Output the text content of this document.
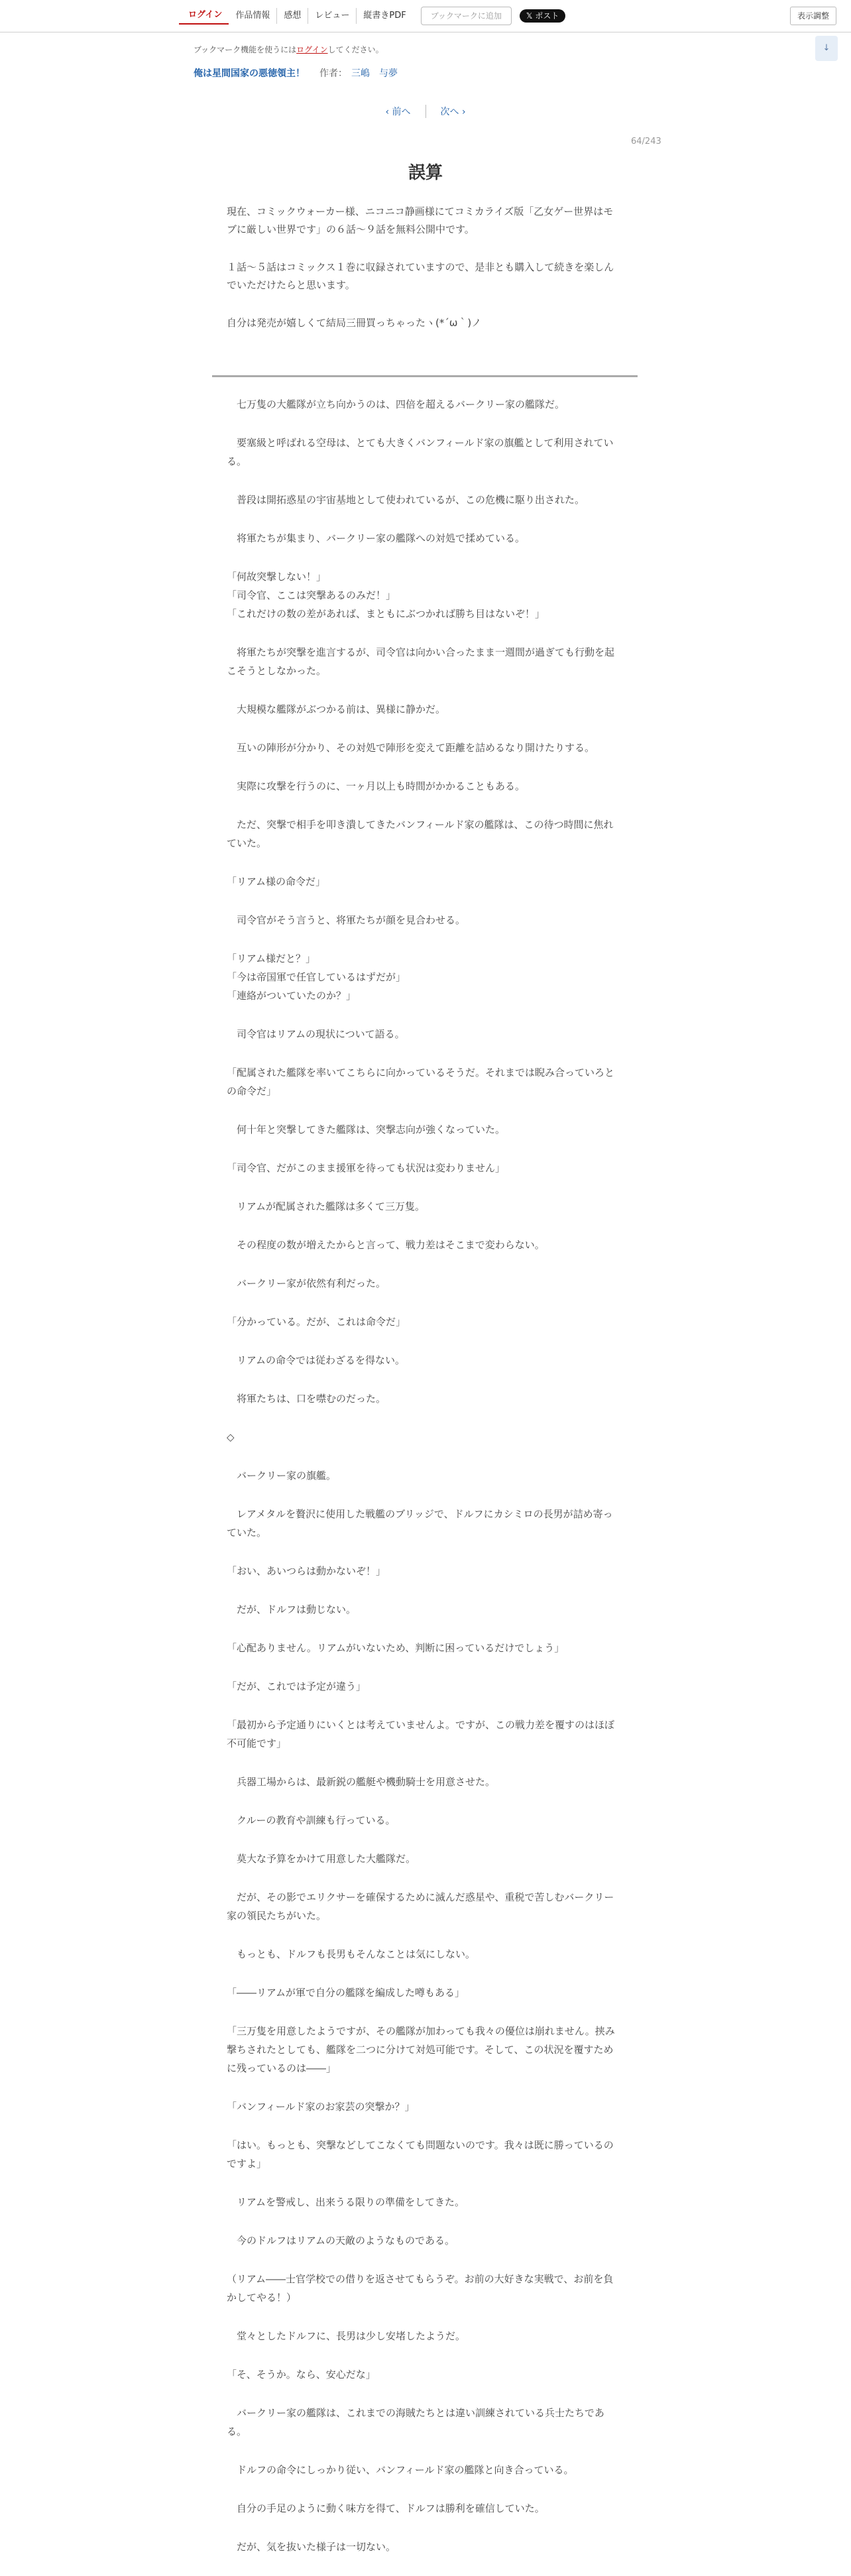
ログイン	作品情報	感想	レビュー	縦書きPDF	ブックマークに追加	𝕏 ポスト	表示調整
ブックマーク機能を使うにはログインしてください。	↓
俺は星間国家の悪徳領主！ 作者： 三嶋　与夢
‹ 前へ	次へ ›
64/243
誤算

現在、コミックウォーカー様、ニコニコ静画様にてコミカライズ版「乙女ゲー世界はモブに厳しい世界です」の６話～９話を無料公開中です。

１話～５話はコミックス１巻に収録されていますので、是非とも購入して続きを楽しんでいただけたらと思います。

自分は発売が嬉しくて結局三冊買っちゃったヽ(*´ω｀)ノ

　七万隻の大艦隊が立ち向かうのは、四倍を超えるバークリー家の艦隊だ。

　要塞級と呼ばれる空母は、とても大きくバンフィールド家の旗艦として利用されている。

　普段は開拓惑星の宇宙基地として使われているが、この危機に駆り出された。

　将軍たちが集まり、バークリー家の艦隊への対処で揉めている。

「何故突撃しない！」

「司令官、ここは突撃あるのみだ！」

「これだけの数の差があれば、まともにぶつかれば勝ち目はないぞ！」

　将軍たちが突撃を進言するが、司令官は向かい合ったまま一週間が過ぎても行動を起こそうとしなかった。

　大規模な艦隊がぶつかる前は、異様に静かだ。

　互いの陣形が分かり、その対処で陣形を変えて距離を詰めるなり開けたりする。

　実際に攻撃を行うのに、一ヶ月以上も時間がかかることもある。

　ただ、突撃で相手を叩き潰してきたバンフィールド家の艦隊は、この待つ時間に焦れていた。

「リアム様の命令だ」

　司令官がそう言うと、将軍たちが顔を見合わせる。

「リアム様だと？」

「今は帝国軍で任官しているはずだが」

「連絡がついていたのか？」

　司令官はリアムの現状について語る。

「配属された艦隊を率いてこちらに向かっているそうだ。それまでは睨み合っていろとの命令だ」

　何十年と突撃してきた艦隊は、突撃志向が強くなっていた。

「司令官、だがこのまま援軍を待っても状況は変わりません」

　リアムが配属された艦隊は多くて三万隻。

　その程度の数が増えたからと言って、戦力差はそこまで変わらない。

　バークリー家が依然有利だった。

「分かっている。だが、これは命令だ」

　リアムの命令では従わざるを得ない。

　将軍たちは、口を噤むのだった。

◇

　バークリー家の旗艦。

　レアメタルを贅沢に使用した戦艦のブリッジで、ドルフにカシミロの長男が詰め寄っていた。

「おい、あいつらは動かないぞ！」

　だが、ドルフは動じない。

「心配ありません。リアムがいないため、判断に困っているだけでしょう」

「だが、これでは予定が違う」

「最初から予定通りにいくとは考えていませんよ。ですが、この戦力差を覆すのはほぼ不可能です」

　兵器工場からは、最新鋭の艦艇や機動騎士を用意させた。

　クルーの教育や訓練も行っている。

　莫大な予算をかけて用意した大艦隊だ。

　だが、その影でエリクサーを確保するために滅んだ惑星や、重税で苦しむバークリー家の領民たちがいた。

　もっとも、ドルフも長男もそんなことは気にしない。

「――リアムが軍で自分の艦隊を編成した噂もある」

「三万隻を用意したようですが、その艦隊が加わっても我々の優位は崩れません。挟み撃ちされたとしても、艦隊を二つに分けて対処可能です。そして、この状況を覆すために残っているのは――」

「バンフィールド家のお家芸の突撃か？」

「はい。もっとも、突撃などしてこなくても問題ないのです。我々は既に勝っているのですよ」

　リアムを警戒し、出来うる限りの準備をしてきた。

　今のドルフはリアムの天敵のようなものである。

（リアム――士官学校での借りを返させてもらうぞ。お前の大好きな実戦で、お前を負かしてやる！）

　堂々としたドルフに、長男は少し安堵したようだ。

「そ、そうか。なら、安心だな」

　バークリー家の艦隊は、これまでの海賊たちとは違い訓練されている兵士たちである。

　ドルフの命令にしっかり従い、バンフィールド家の艦隊と向き合っている。

　自分の手足のように動く味方を得て、ドルフは勝利を確信していた。

　だが、気を抜いた様子は一切ない。
